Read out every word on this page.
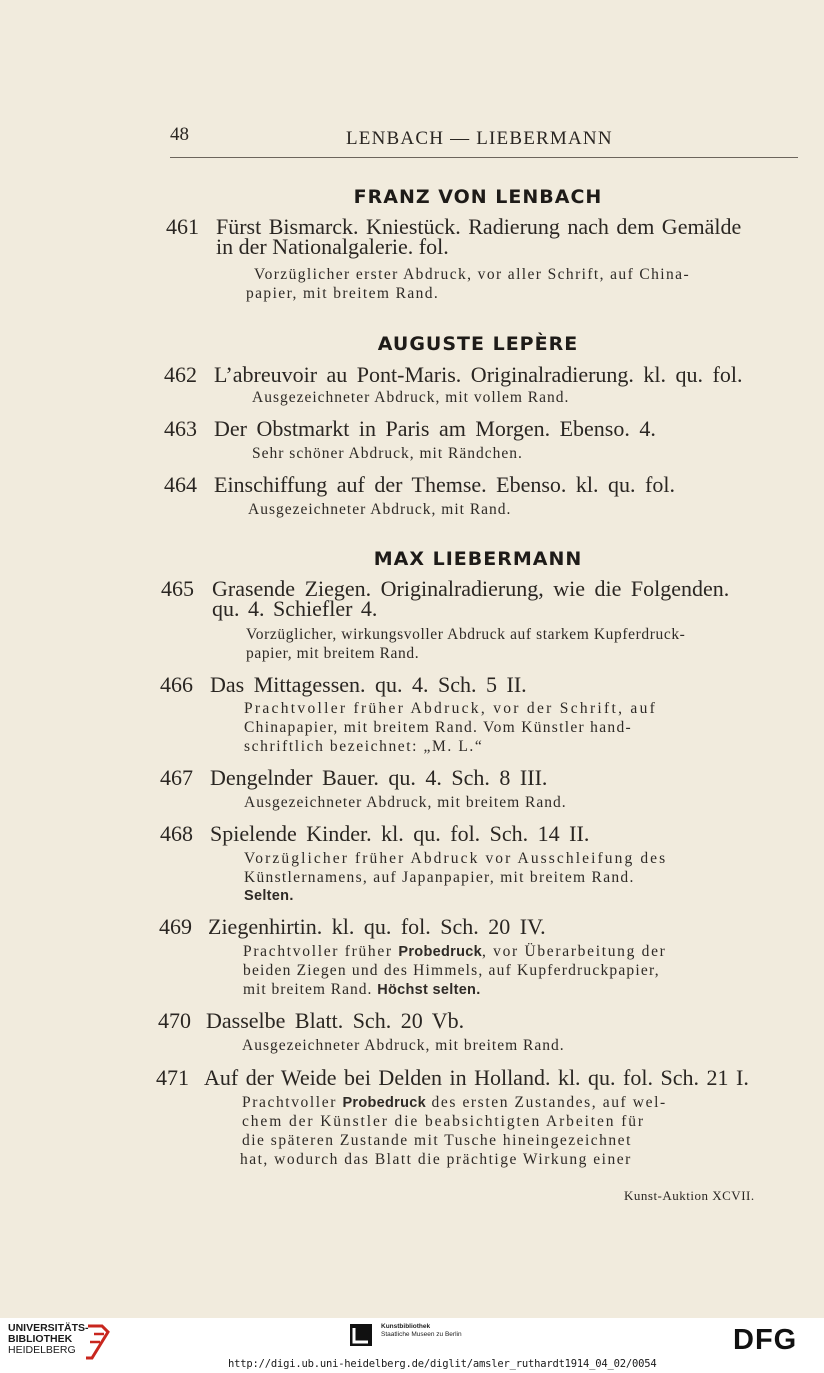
48	LENBACH — LIEBERMANN
FRANZ VON LENBACH
461 Fürst Bismarck. Kniestück. Radierung nach dem Gemälde
in der Nationalgalerie. fol.
Vorzüglicher erster Abdruck, vor aller Schrift, auf China-
papier, mit breitem Rand.
AUGUSTE LEPÈRE
462 L’abreuvoir au Pont-Maris. Originalradierung. kl. qu. fol.
Ausgezeichneter Abdruck, mit vollem Rand.
463 Der Obstmarkt in Paris am Morgen. Ebenso. 4.
Sehr schöner Abdruck, mit Rändchen.
464 Einschiffung auf der Themse. Ebenso. kl. qu. fol.
Ausgezeichneter Abdruck, mit Rand.
MAX LIEBERMANN
465 Grasende Ziegen. Originalradierung, wie die Folgenden.
qu. 4. Schiefler 4.
Vorzüglicher, wirkungsvoller Abdruck auf starkem Kupferdruck-
papier, mit breitem Rand.
466 Das Mittagessen. qu. 4. Sch. 5 II.
Prachtvoller früher Abdruck, vor der Schrift, auf
Chinapapier, mit breitem Rand. Vom Künstler hand-
schriftlich bezeichnet: „M. L.“
467 Dengelnder Bauer. qu. 4. Sch. 8 III.
Ausgezeichneter Abdruck, mit breitem Rand.
468 Spielende Kinder. kl. qu. fol. Sch. 14 II.
Vorzüglicher früher Abdruck vor Ausschleifung des
Künstlernamens, auf Japanpapier, mit breitem Rand.
Selten.
469 Ziegenhirtin. kl. qu. fol. Sch. 20 IV.
Prachtvoller früher Probedruck, vor Überarbeitung der
beiden Ziegen und des Himmels, auf Kupferdruckpapier,
mit breitem Rand. Höchst selten.
470 Dasselbe Blatt. Sch. 20 Vb.
Ausgezeichneter Abdruck, mit breitem Rand.
471 Auf der Weide bei Delden in Holland. kl. qu. fol. Sch. 21 I.
Prachtvoller Probedruck des ersten Zustandes, auf wel-
chem der Künstler die beabsichtigten Arbeiten für
die späteren Zustande mit Tusche hineingezeichnet
hat, wodurch das Blatt die prächtige Wirkung einer
Kunst-Auktion XCVII.
UNIVERSITÄTS-
BIBLIOTHEK
HEIDELBERG
Kunstbibliothek
Staatliche Museen zu Berlin	DFG
http://digi.ub.uni-heidelberg.de/diglit/amsler_ruthardt1914_04_02/0054
